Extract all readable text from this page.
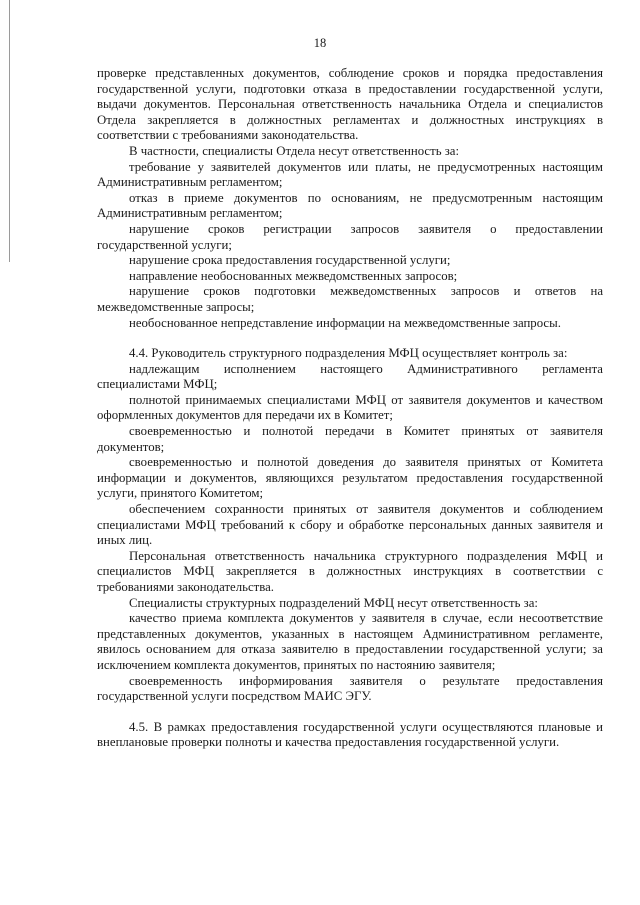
18

проверке представленных документов, соблюдение сроков и порядка предоставления государственной услуги, подготовки отказа в предоставлении государственной услуги, выдачи документов. Персональная ответственность начальника Отдела и специалистов Отдела закрепляется в должностных регламентах и должностных инструкциях в соответствии с требованиями законодательства.

В частности, специалисты Отдела несут ответственность за:

требование у заявителей документов или платы, не предусмотренных настоящим Административным регламентом;

отказ в приеме документов по основаниям, не предусмотренным настоящим Административным регламентом;

нарушение сроков регистрации запросов заявителя о предоставлении государственной услуги;

нарушение срока предоставления государственной услуги;

направление необоснованных межведомственных запросов;

нарушение сроков подготовки межведомственных запросов и ответов на межведомственные запросы;

необоснованное непредставление информации на межведомственные запросы.

4.4. Руководитель структурного подразделения МФЦ осуществляет контроль за:

надлежащим исполнением настоящего Административного регламента специалистами МФЦ;

полнотой принимаемых специалистами МФЦ от заявителя документов и качеством оформленных документов для передачи их в Комитет;

своевременностью и полнотой передачи в Комитет принятых от заявителя документов;

своевременностью и полнотой доведения до заявителя принятых от Комитета информации и документов, являющихся результатом предоставления государственной услуги, принятого Комитетом;

обеспечением сохранности принятых от заявителя документов и соблюдением специалистами МФЦ требований к сбору и обработке персональных данных заявителя и иных лиц.

Персональная ответственность начальника структурного подразделения МФЦ и специалистов МФЦ закрепляется в должностных инструкциях в соответствии с требованиями законодательства.

Специалисты структурных подразделений МФЦ несут ответственность за:

качество приема комплекта документов у заявителя в случае, если несоответствие представленных документов, указанных в настоящем Административном регламенте, явилось основанием для отказа заявителю в предоставлении государственной услуги; за исключением комплекта документов, принятых по настоянию заявителя;

своевременность информирования заявителя о результате предоставления государственной услуги посредством МАИС ЭГУ.

4.5. В рамках предоставления государственной услуги осуществляются плановые и внеплановые проверки полноты и качества предоставления государственной услуги.
